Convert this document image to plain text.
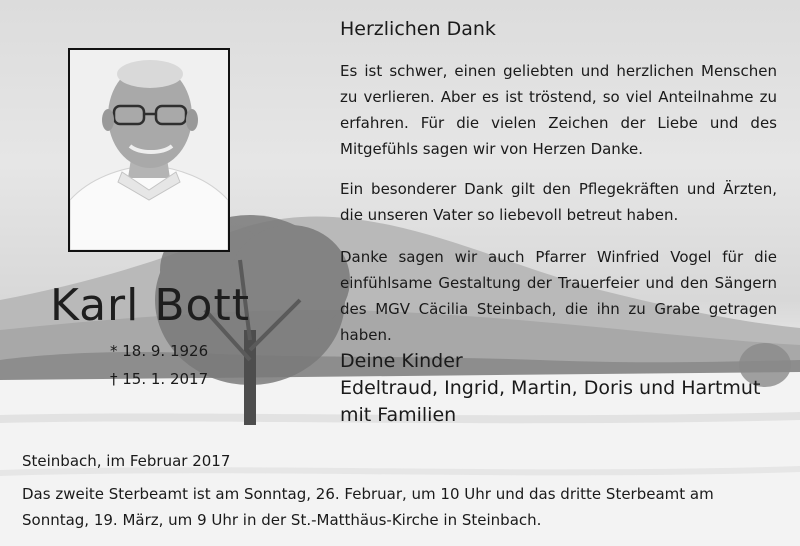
Karl Bott
* 18. 9. 1926
† 15. 1. 2017
Herzlichen Dank
Es ist schwer, einen geliebten und herzlichen Menschen zu verlieren. Aber es ist tröstend, so viel Anteilnahme zu erfahren. Für die vielen Zeichen der Liebe und des Mitgefühls sagen wir von Herzen Danke.
Ein besonderer Dank gilt den Pflegekräften und Ärzten, die unseren Vater so liebevoll betreut haben.
Danke sagen wir auch Pfarrer Winfried Vogel für die einfühlsame Gestaltung der Trauerfeier und den Sängern des MGV Cäcilia Steinbach, die ihn zu Grabe getragen haben.
Deine Kinder
Edeltraud, Ingrid, Martin, Doris und Hartmut
mit Familien
Steinbach, im Februar 2017
Das zweite Sterbeamt ist am Sonntag, 26. Februar, um 10 Uhr und das dritte Sterbeamt am Sonntag, 19. März, um 9 Uhr in der St.-Matthäus-Kirche in Steinbach.
